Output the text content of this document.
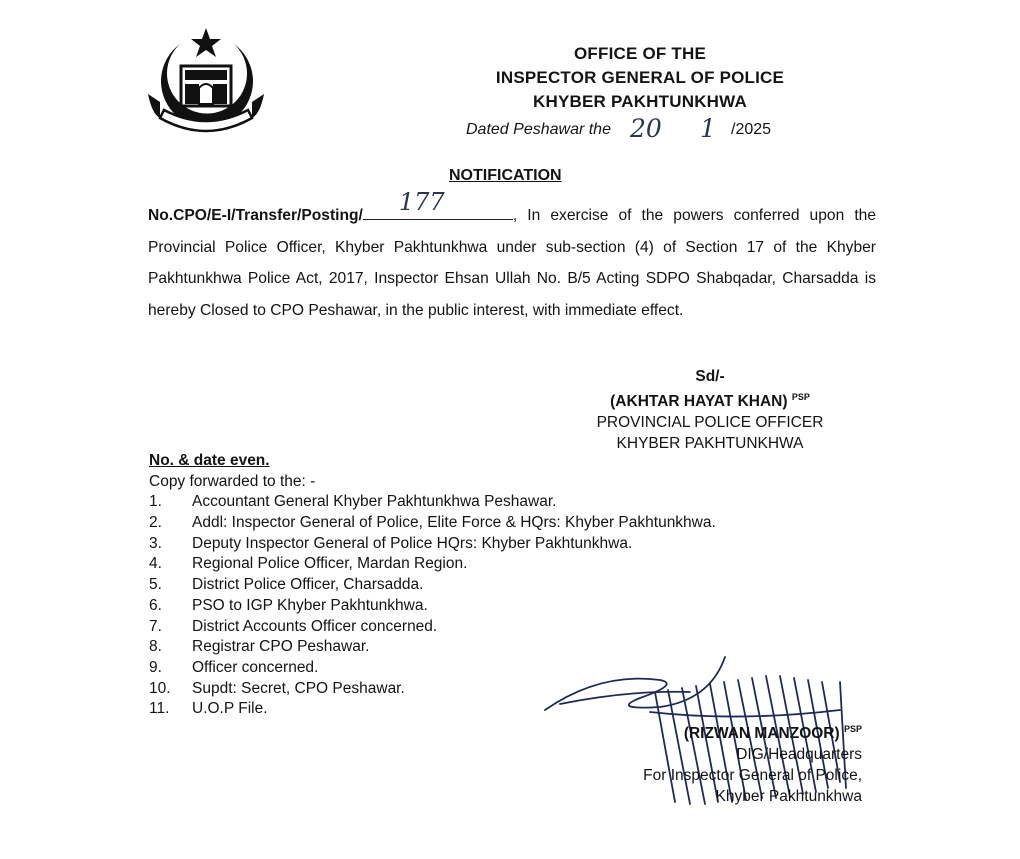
OFFICE OF THE
INSPECTOR GENERAL OF POLICE
KHYBER PAKHTUNKHWA
Dated Peshawar the 20 1 /2025
NOTIFICATION
No.CPO/E-I/Transfer/Posting/ 177	, In exercise of the powers conferred upon the Provincial Police Officer, Khyber Pakhtunkhwa under sub-section (4) of Section 17 of the Khyber Pakhtunkhwa Police Act, 2017, Inspector Ehsan Ullah No. B/5 Acting SDPO Shabqadar, Charsadda is hereby Closed to CPO Peshawar, in the public interest, with immediate effect.
Sd/-
(AKHTAR HAYAT KHAN) $^{PSP}$
PROVINCIAL POLICE OFFICER
KHYBER PAKHTUNKHWA
No. & date even.
Copy forwarded to the: -
1. Accountant General Khyber Pakhtunkhwa Peshawar.
2. Addl: Inspector General of Police, Elite Force & HQrs: Khyber Pakhtunkhwa.
3. Deputy Inspector General of Police HQrs: Khyber Pakhtunkhwa.
4. Regional Police Officer, Mardan Region.
5. District Police Officer, Charsadda.
6. PSO to IGP Khyber Pakhtunkhwa.
7. District Accounts Officer concerned.
8. Registrar CPO Peshawar.
9. Officer concerned.
10. Supdt: Secret, CPO Peshawar.
11. U.O.P File.
(RIZWAN MANZOOR) $^{PSP}$
DIG/Headquarters
For Inspector General of Police,
Khyber Pakhtunkhwa
